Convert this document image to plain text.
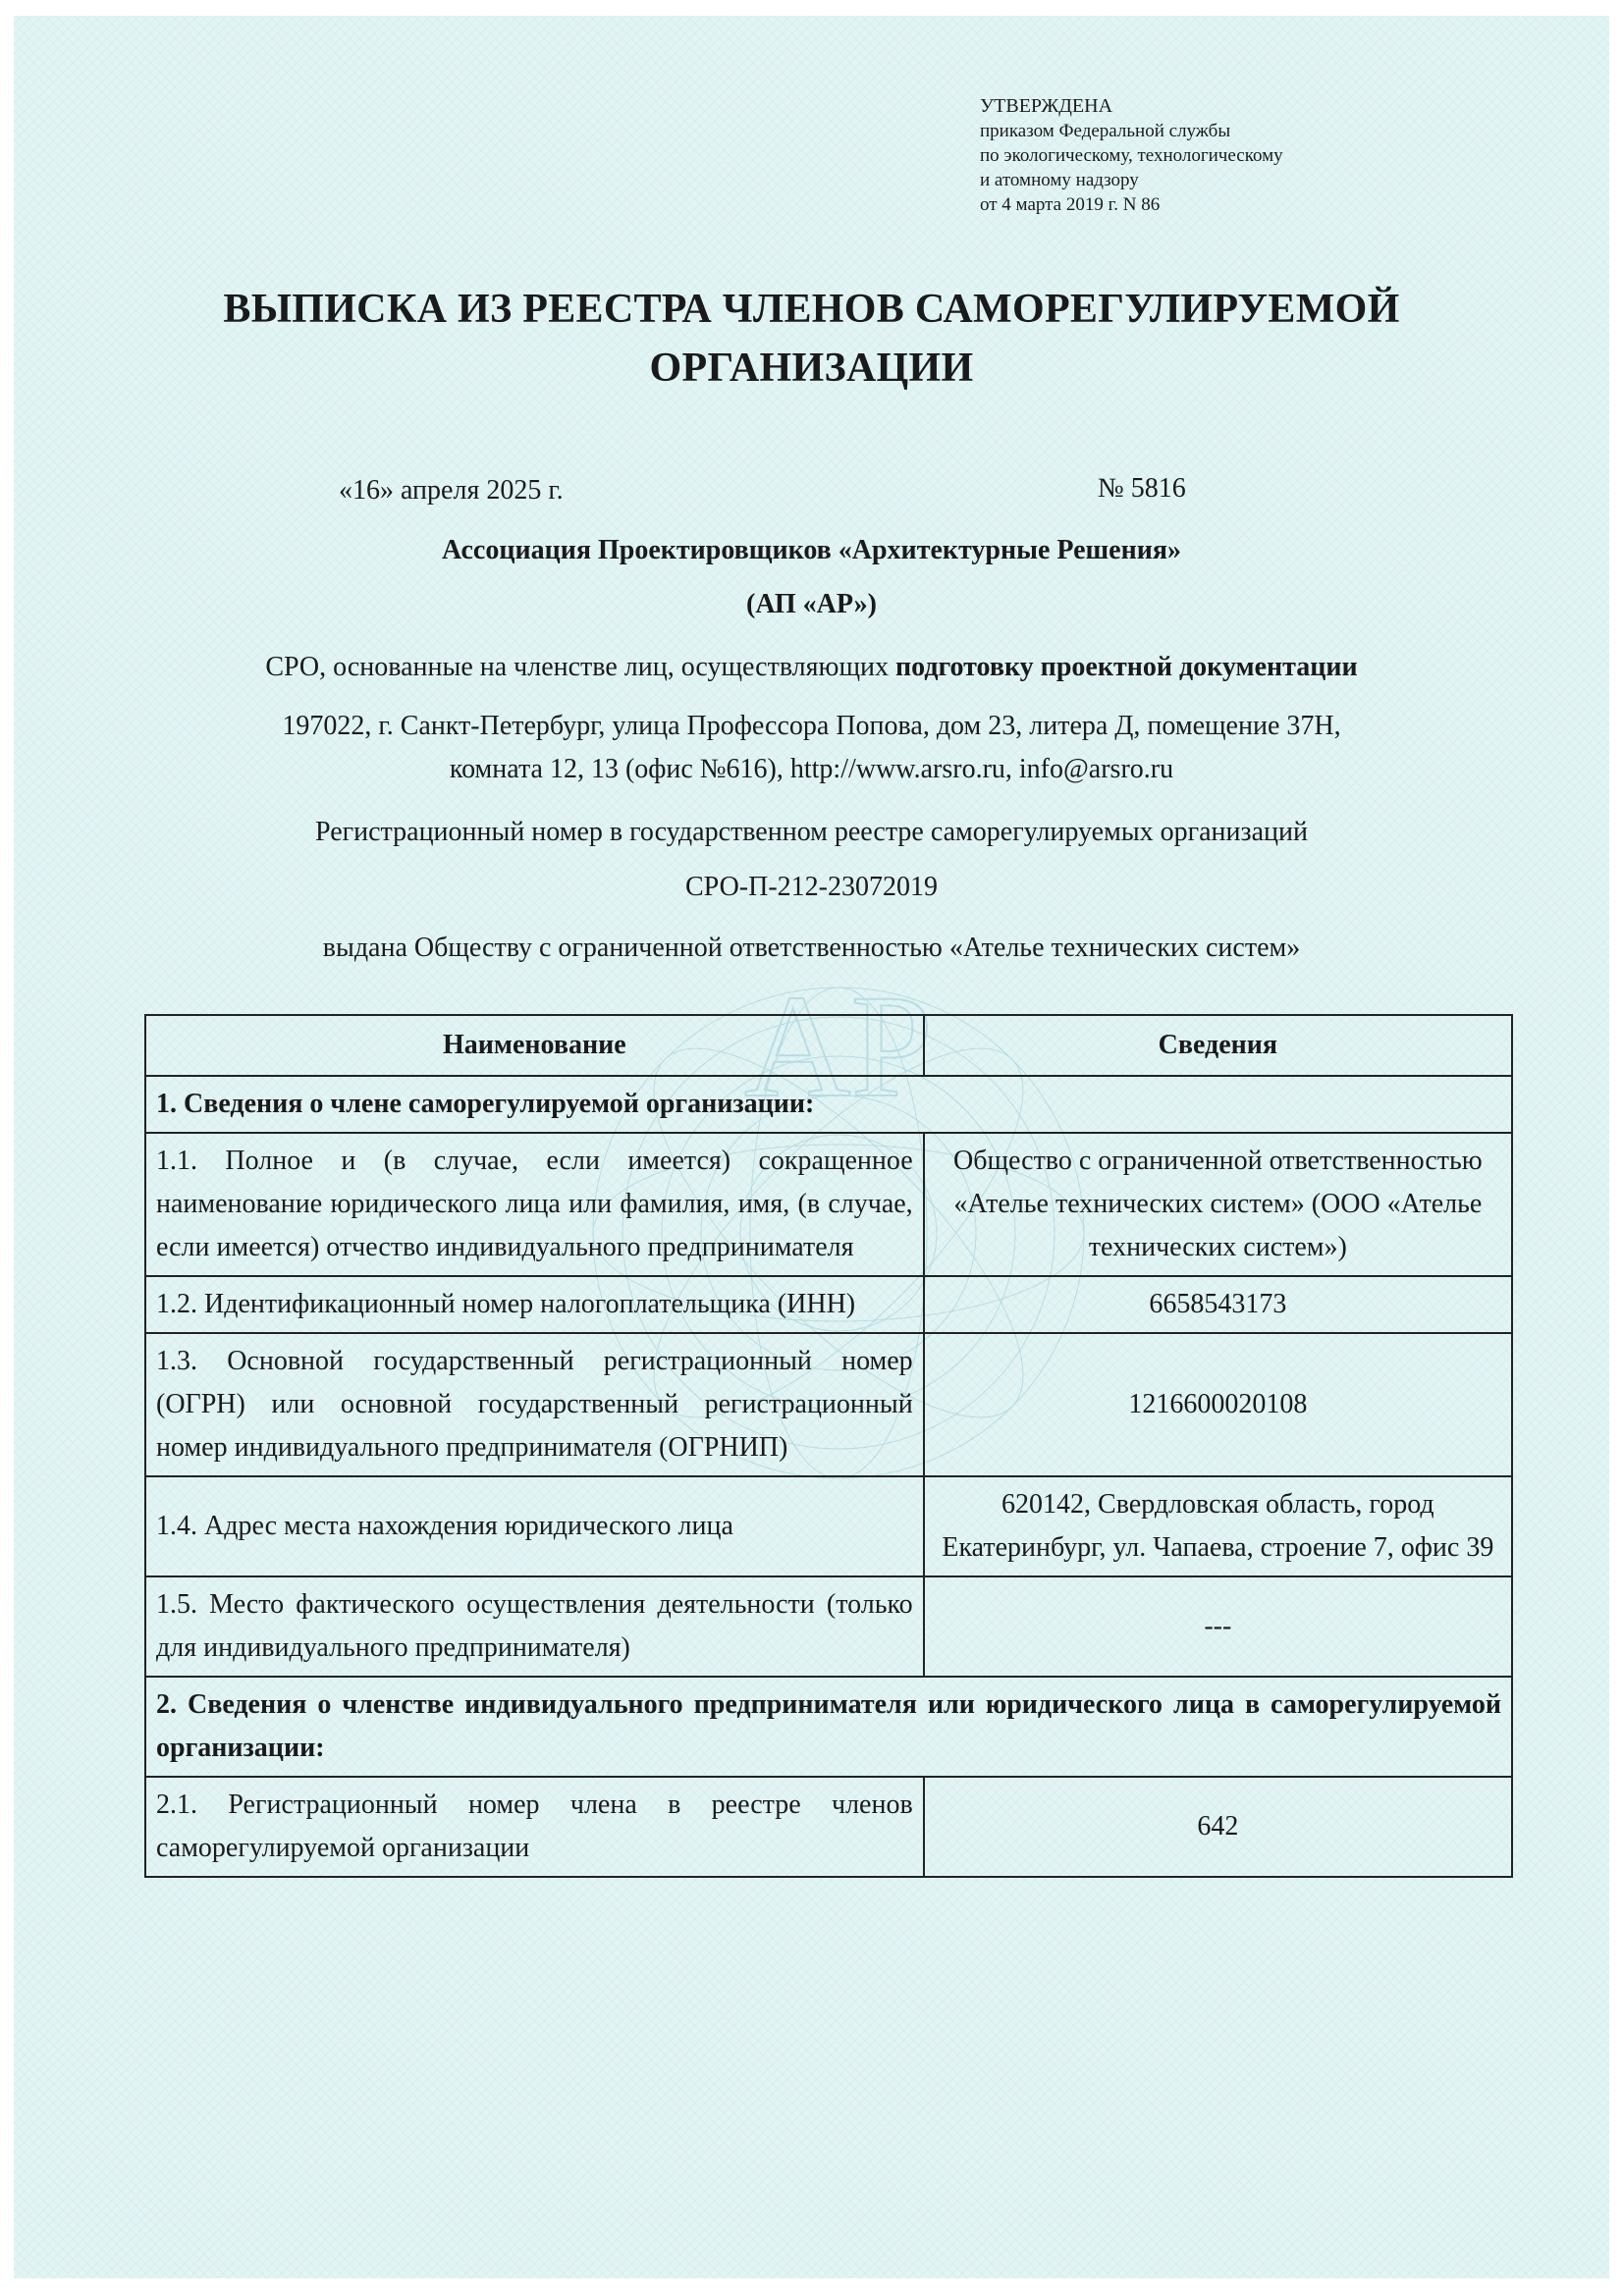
АР
УТВЕРЖДЕНА
приказом Федеральной службы
по экологическому, технологическому
и атомному надзору
от 4 марта 2019 г. N 86
ВЫПИСКА ИЗ РЕЕСТРА ЧЛЕНОВ САМОРЕГУЛИРУЕМОЙ
ОРГАНИЗАЦИИ
«16» апреля 2025 г.	№ 5816
Ассоциация Проектировщиков «Архитектурные Решения»
(АП «АР»)
СРО, основанные на членстве лиц, осуществляющих подготовку проектной документации
197022, г. Санкт-Петербург, улица Профессора Попова, дом 23, литера Д, помещение 37Н,
комната 12, 13 (офис №616), http://www.arsro.ru, info@arsro.ru
Регистрационный номер в государственном реестре саморегулируемых организаций
СРО-П-212-23072019
выдана Обществу с ограниченной ответственностью «Ателье технических систем»
Наименование	Сведения
1. Сведения о члене саморегулируемой организации:	
1.1. Полное и (в случае, если имеется) сокращенное наименование юридического лица или фамилия, имя, (в случае, если имеется) отчество индивидуального предпринимателя	Общество с ограниченной ответственностью «Ателье технических систем» (ООО «Ателье технических систем»)
1.2. Идентификационный номер налогоплательщика (ИНН)	6658543173
1.3. Основной государственный регистрационный номер (ОГРН) или основной государственный регистрационный номер индивидуального предпринимателя (ОГРНИП)	1216600020108
1.4. Адрес места нахождения юридического лица	620142, Свердловская область, город Екатеринбург, ул. Чапаева, строение 7, офис 39
1.5. Место фактического осуществления деятельности (только для индивидуального предпринимателя)	---
2. Сведения о членстве индивидуального предпринимателя или юридического лица в саморегулируемой организации:	
2.1. Регистрационный номер члена в реестре членов саморегулируемой организации	642
